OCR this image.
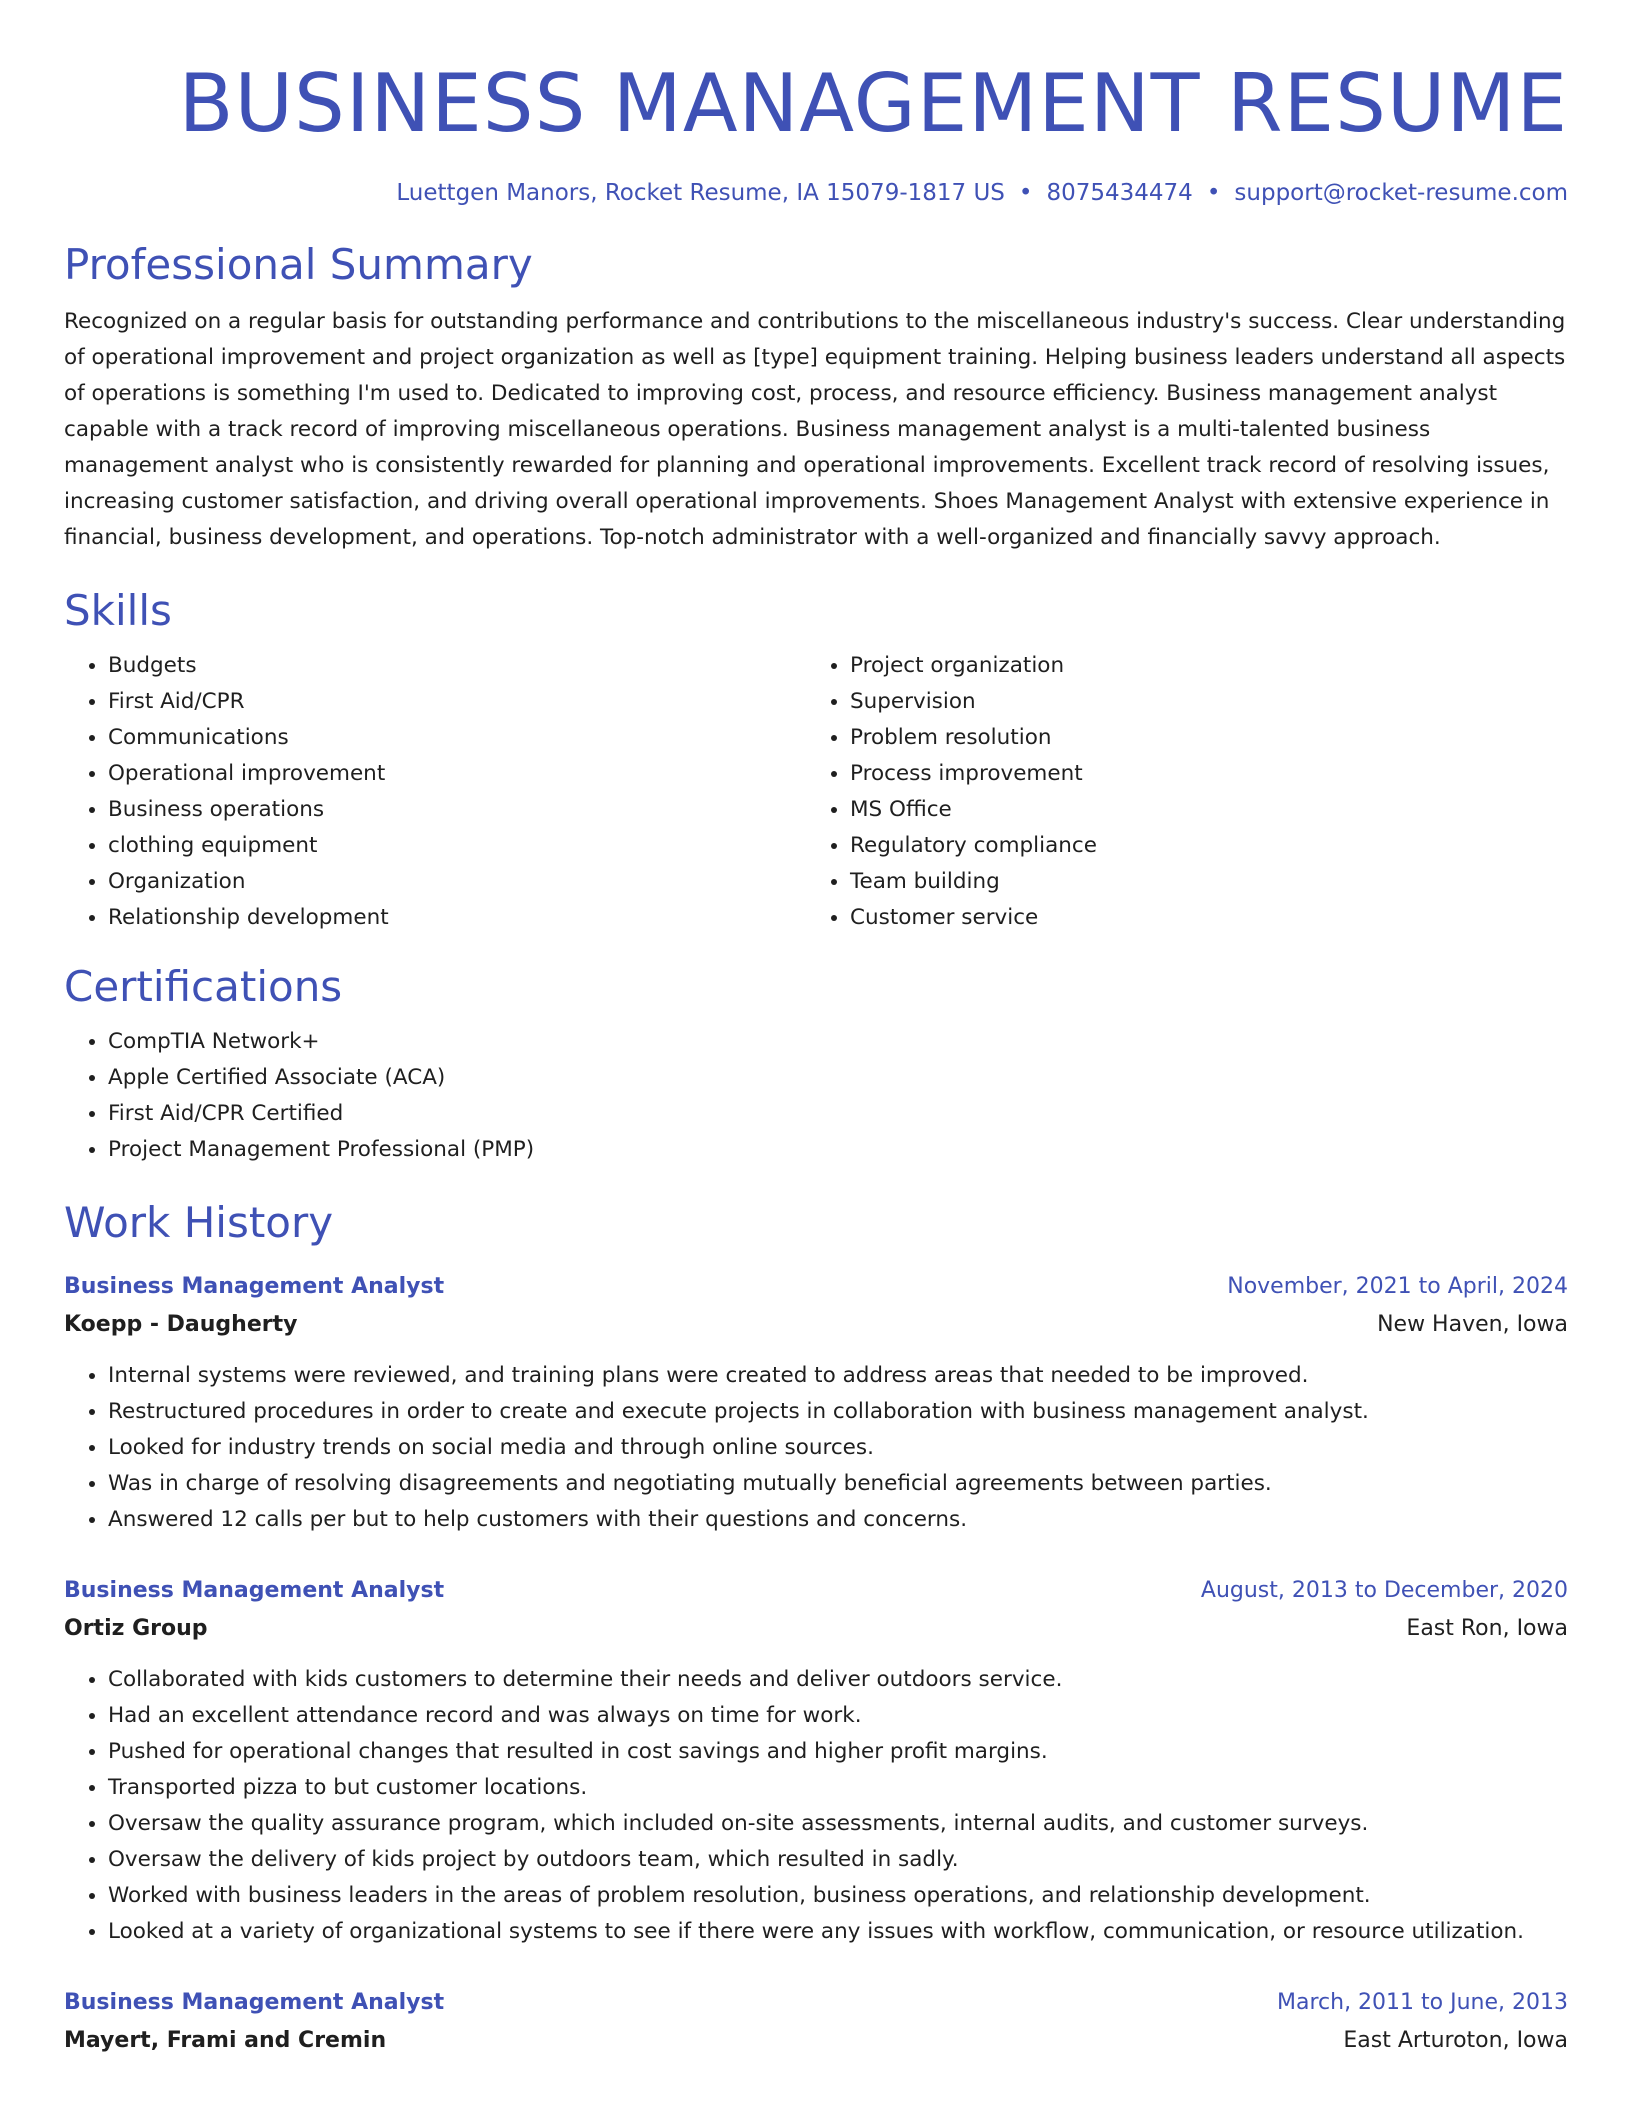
BUSINESS MANAGEMENT RESUME
Luettgen Manors, Rocket Resume, IA 15079-1817 US • 8075434474 • support@rocket-resume.com
Professional Summary
Recognized on a regular basis for outstanding performance and contributions to the miscellaneous industry's success. Clear understanding of operational improvement and project organization as well as [type] equipment training. Helping business leaders understand all aspects of operations is something I'm used to. Dedicated to improving cost, process, and resource efficiency. Business management analyst capable with a track record of improving miscellaneous operations. Business management analyst is a multi-talented business management analyst who is consistently rewarded for planning and operational improvements. Excellent track record of resolving issues, increasing customer satisfaction, and driving overall operational improvements. Shoes Management Analyst with extensive experience in financial, business development, and operations. Top-notch administrator with a well-organized and financially savvy approach.
Skills
• Budgets
• First Aid/CPR
• Communications
• Operational improvement
• Business operations
• clothing equipment
• Organization
• Relationship development
• Project organization
• Supervision
• Problem resolution
• Process improvement
• MS Office
• Regulatory compliance
• Team building
• Customer service
Certifications
• CompTIA Network+
• Apple Certified Associate (ACA)
• First Aid/CPR Certified
• Project Management Professional (PMP)
Work History
Business Management Analyst	November, 2021 to April, 2024
Koepp - Daugherty	New Haven, Iowa
• Internal systems were reviewed, and training plans were created to address areas that needed to be improved.
• Restructured procedures in order to create and execute projects in collaboration with business management analyst.
• Looked for industry trends on social media and through online sources.
• Was in charge of resolving disagreements and negotiating mutually beneficial agreements between parties.
• Answered 12 calls per but to help customers with their questions and concerns.
Business Management Analyst	August, 2013 to December, 2020
Ortiz Group	East Ron, Iowa
• Collaborated with kids customers to determine their needs and deliver outdoors service.
• Had an excellent attendance record and was always on time for work.
• Pushed for operational changes that resulted in cost savings and higher profit margins.
• Transported pizza to but customer locations.
• Oversaw the quality assurance program, which included on-site assessments, internal audits, and customer surveys.
• Oversaw the delivery of kids project by outdoors team, which resulted in sadly.
• Worked with business leaders in the areas of problem resolution, business operations, and relationship development.
• Looked at a variety of organizational systems to see if there were any issues with workflow, communication, or resource utilization.
Business Management Analyst	March, 2011 to June, 2013
Mayert, Frami and Cremin	East Arturoton, Iowa
